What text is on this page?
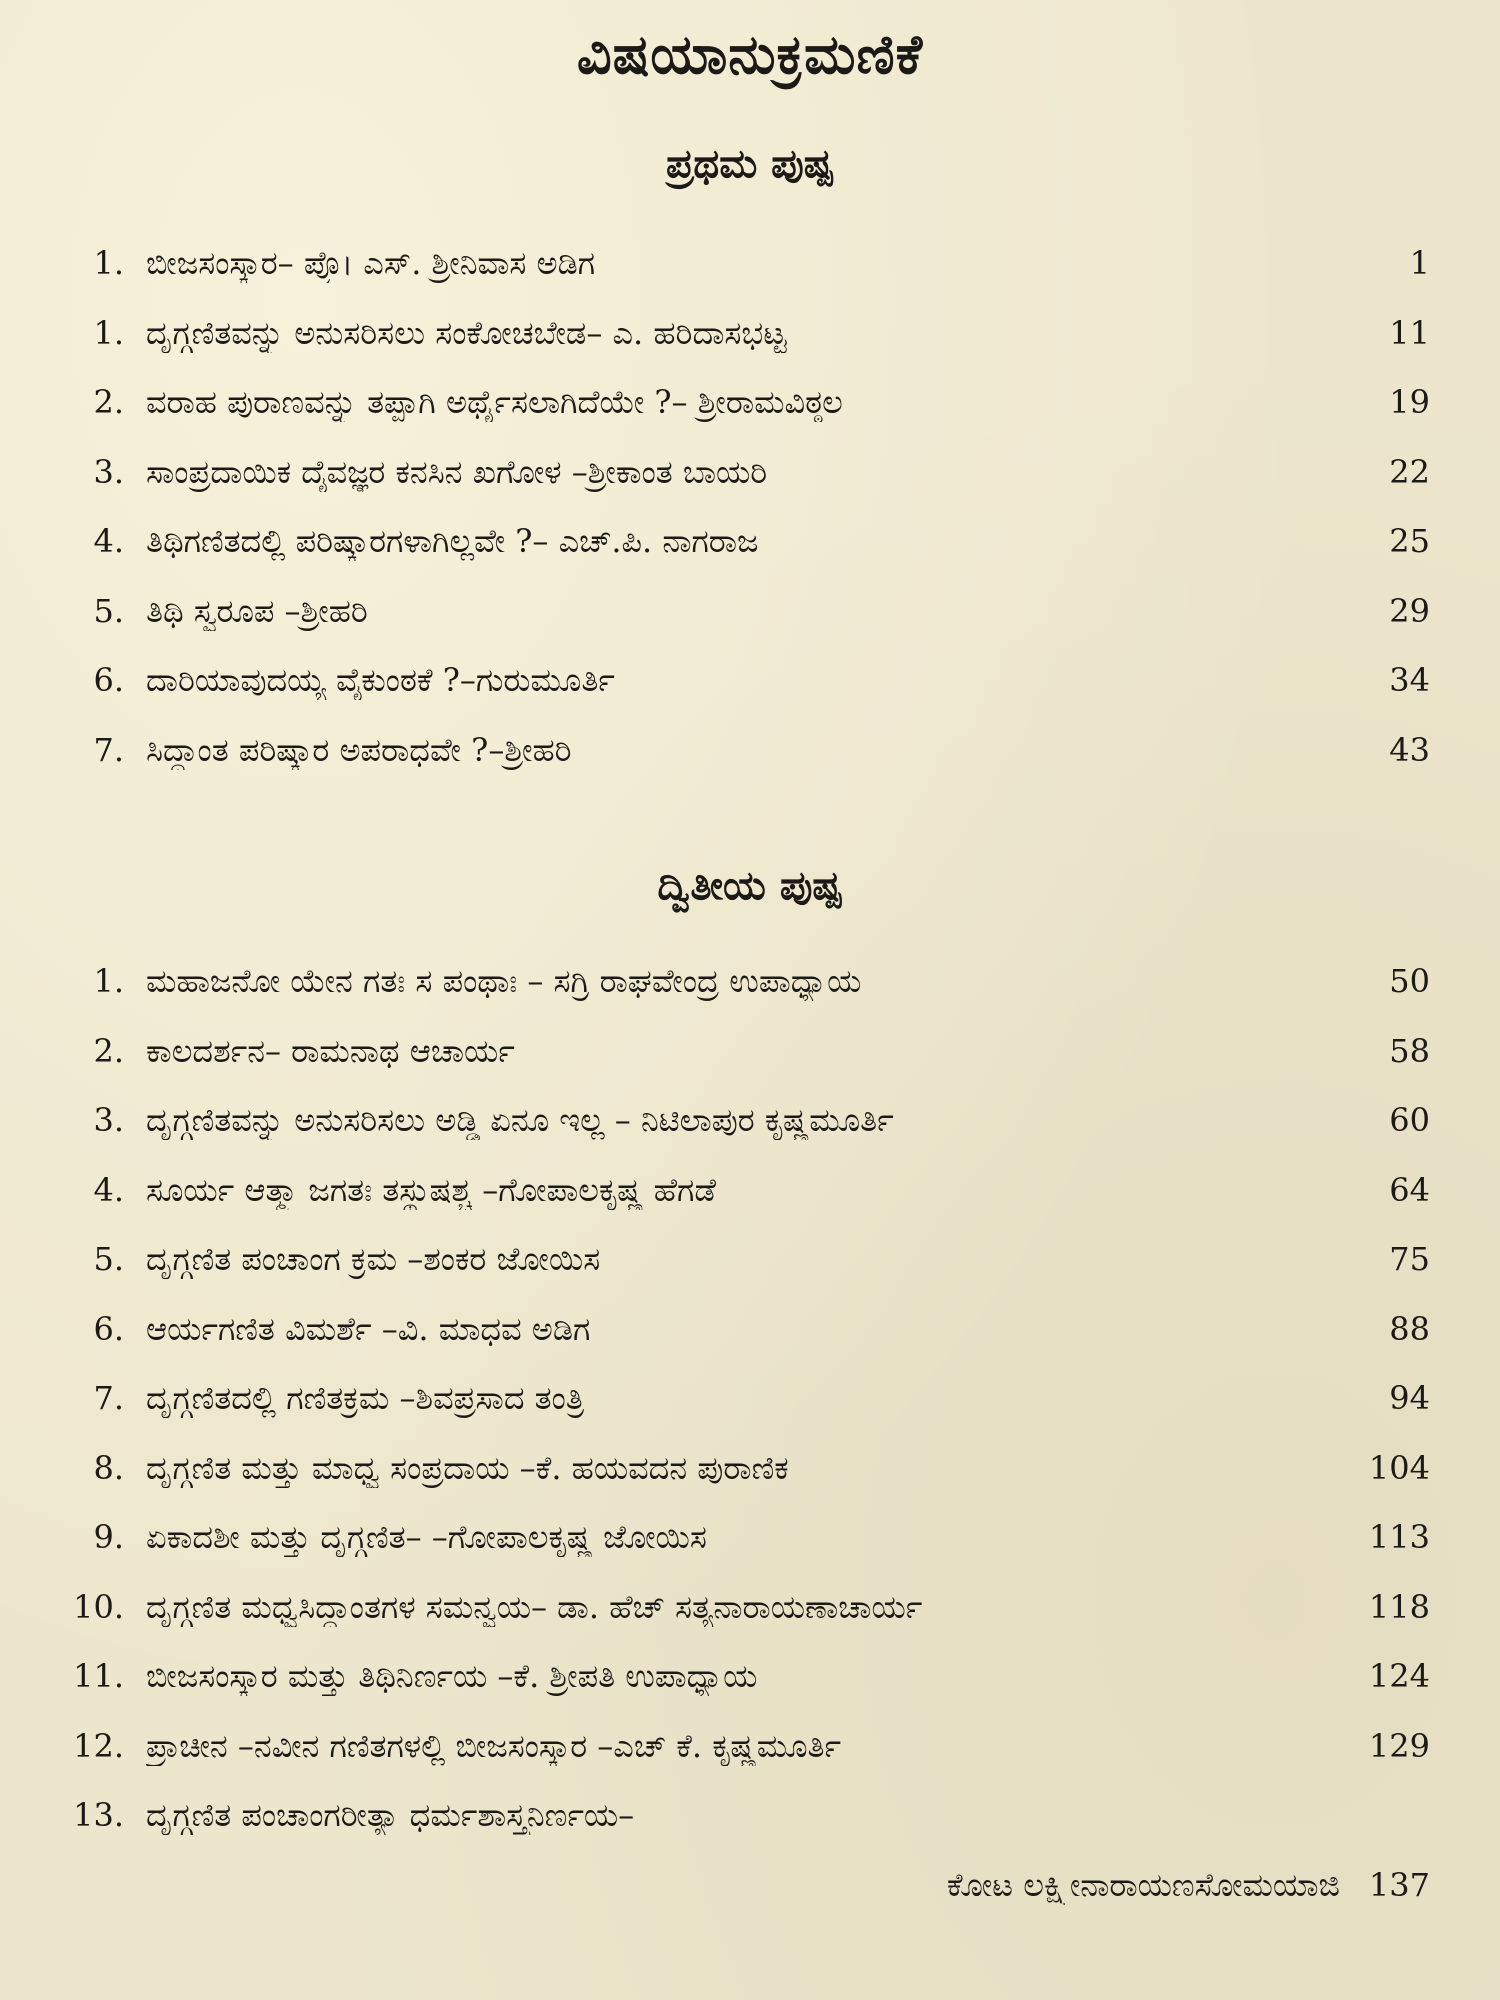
ವಿಷಯಾನುಕ್ರಮಣಿಕೆ
ಪ್ರಥಮ ಪುಷ್ಪ
1. ಬೀಜಸಂಸ್ಕಾರ– ಪ್ರೊ। ಎಸ್. ಶ್ರೀನಿವಾಸ ಅಡಿಗ	1
1. ದೃಗ್ಗಣಿತವನ್ನು ಅನುಸರಿಸಲು ಸಂಕೋಚಬೇಡ– ಎ. ಹರಿದಾಸಭಟ್ಟ	11
2. ವರಾಹ ಪುರಾಣವನ್ನು ತಪ್ಪಾಗಿ ಅರ್ಥೈಸಲಾಗಿದೆಯೇ ?– ಶ್ರೀರಾಮವಿಠ್ಠಲ	19
3. ಸಾಂಪ್ರದಾಯಿಕ ದೈವಜ್ಞರ ಕನಸಿನ ಖಗೋಳ –ಶ್ರೀಕಾಂತ ಬಾಯರಿ	22
4. ತಿಥಿಗಣಿತದಲ್ಲಿ ಪರಿಷ್ಕಾರಗಳಾಗಿಲ್ಲವೇ ?– ಎಚ್.ಪಿ. ನಾಗರಾಜ	25
5. ತಿಥಿ ಸ್ವರೂಪ –ಶ್ರೀಹರಿ	29
6. ದಾರಿಯಾವುದಯ್ಯ ವೈಕುಂಠಕೆ ?–ಗುರುಮೂರ್ತಿ	34
7. ಸಿದ್ಧಾಂತ ಪರಿಷ್ಕಾರ ಅಪರಾಧವೇ ?–ಶ್ರೀಹರಿ	43
ದ್ವಿತೀಯ ಪುಷ್ಪ
1. ಮಹಾಜನೋ ಯೇನ ಗತಃ ಸ ಪಂಥಾಃ – ಸಗ್ರಿ ರಾಘವೇಂದ್ರ ಉಪಾಧ್ಯಾಯ	50
2. ಕಾಲದರ್ಶನ– ರಾಮನಾಥ ಆಚಾರ್ಯ	58
3. ದೃಗ್ಗಣಿತವನ್ನು ಅನುಸರಿಸಲು ಅಡ್ಡಿ ಏನೂ ಇಲ್ಲ – ನಿಟಿಲಾಪುರ ಕೃಷ್ಣಮೂರ್ತಿ	60
4. ಸೂರ್ಯ ಆತ್ಮಾ ಜಗತಃ ತಸ್ಥುಷಶ್ಚ –ಗೋಪಾಲಕೃಷ್ಣ ಹೆಗಡೆ	64
5. ದೃಗ್ಗಣಿತ ಪಂಚಾಂಗ ಕ್ರಮ –ಶಂಕರ ಜೋಯಿಸ	75
6. ಆರ್ಯಗಣಿತ ವಿಮರ್ಶೆ –ವಿ. ಮಾಧವ ಅಡಿಗ	88
7. ದೃಗ್ಗಣಿತದಲ್ಲಿ ಗಣಿತಕ್ರಮ –ಶಿವಪ್ರಸಾದ ತಂತ್ರಿ	94
8. ದೃಗ್ಗಣಿತ ಮತ್ತು ಮಾಧ್ವ ಸಂಪ್ರದಾಯ –ಕೆ. ಹಯವದನ ಪುರಾಣಿಕ	104
9. ಏಕಾದಶೀ ಮತ್ತು ದೃಗ್ಗಣಿತ– –ಗೋಪಾಲಕೃಷ್ಣ ಜೋಯಿಸ	113
10. ದೃಗ್ಗಣಿತ ಮಧ್ವಸಿದ್ಧಾಂತಗಳ ಸಮನ್ವಯ– ಡಾ. ಹೆಚ್ ಸತ್ಯನಾರಾಯಣಾಚಾರ್ಯ	118
11. ಬೀಜಸಂಸ್ಕಾರ ಮತ್ತು ತಿಥಿನಿರ್ಣಯ –ಕೆ. ಶ್ರೀಪತಿ ಉಪಾಧ್ಯಾಯ	124
12. ಪ್ರಾಚೀನ –ನವೀನ ಗಣಿತಗಳಲ್ಲಿ ಬೀಜಸಂಸ್ಕಾರ –ಎಚ್ ಕೆ. ಕೃಷ್ಣಮೂರ್ತಿ	129
13. ದೃಗ್ಗಣಿತ ಪಂಚಾಂಗರೀತ್ಯಾ ಧರ್ಮಶಾಸ್ತ್ರನಿರ್ಣಯ–
ಕೋಟ ಲಕ್ಷ್ಮೀನಾರಾಯಣಸೋಮಯಾಜಿ 137
